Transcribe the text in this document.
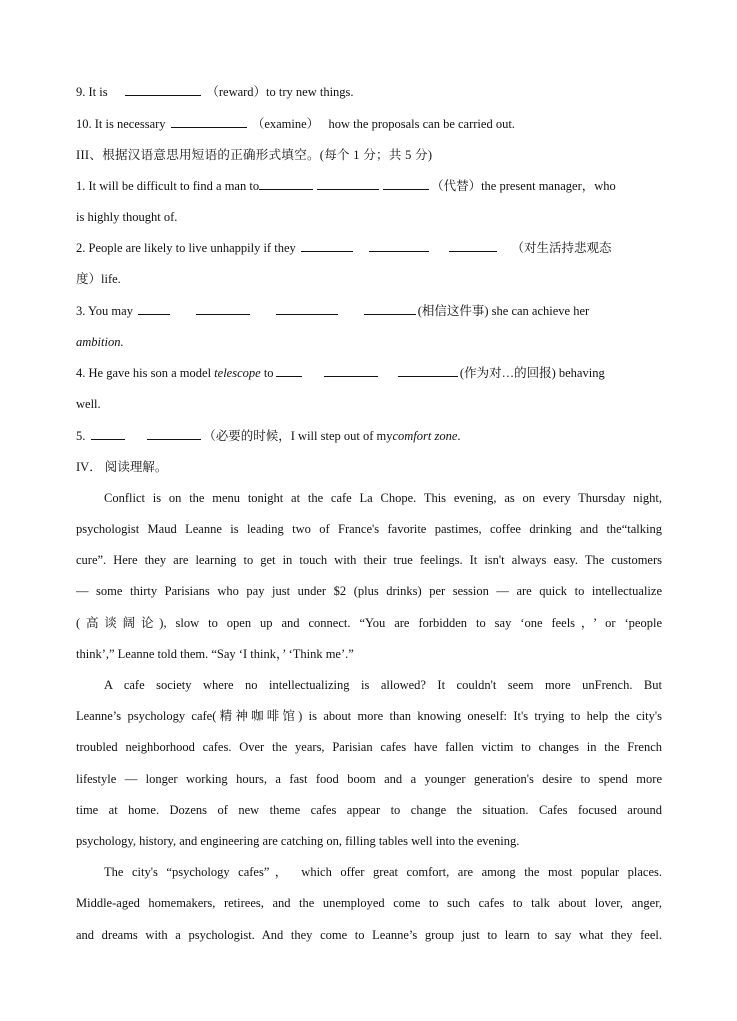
9. It is	（reward）to try new things.
10. It is necessary	（examine） how the proposals can be carried out.
III、根据汉语意思用短语的正确形式填空。(每个 1 分；共 5 分)
1. It will be difficult to find a man to	（代替）the present manager，who
is highly thought of.
2. People are likely to live unhappily if they	（对生活持悲观态
度）life.
3. You may	(相信这件事) she can achieve her
ambition.
4. He gave his son a model telescope to	(作为对…的回报) behaving
well.
5.	（必要的时候，I will step out of mycomfort zone.
IV． 阅读理解。
Conflict is on the menu tonight at the cafe La Chope. This evening, as on every Thursday night,
psychologist Maud Leanne is leading two of France's favorite pastimes, coffee drinking and the“talking
cure”. Here they are learning to get in touch with their true feelings. It isn't always easy. The customers
— some thirty Parisians who pay just under $2 (plus drinks) per session — are quick to intellectualize
(高谈阔论), slow to open up and connect. “You are forbidden to say ‘one feels，’ or ‘people
think’,” Leanne told them. “Say ‘I think，’ ‘Think me’.”
A cafe society where no intellectualizing is allowed? It couldn't seem more unFrench. But
Leanne’s psychology cafe(精神咖啡馆) is about more than knowing oneself: It's trying to help the city's
troubled neighborhood cafes. Over the years, Parisian cafes have fallen victim to changes in the French
lifestyle — longer working hours, a fast food boom and a younger generation's desire to spend more
time at home. Dozens of new theme cafes appear to change the situation. Cafes focused around
psychology, history, and engineering are catching on, filling tables well into the evening.
The city's “psychology cafes”， which offer great comfort, are among the most popular places.
Middle-aged homemakers, retirees, and the unemployed come to such cafes to talk about lover, anger,
and dreams with a psychologist. And they come to Leanne’s group just to learn to say what they feel.
